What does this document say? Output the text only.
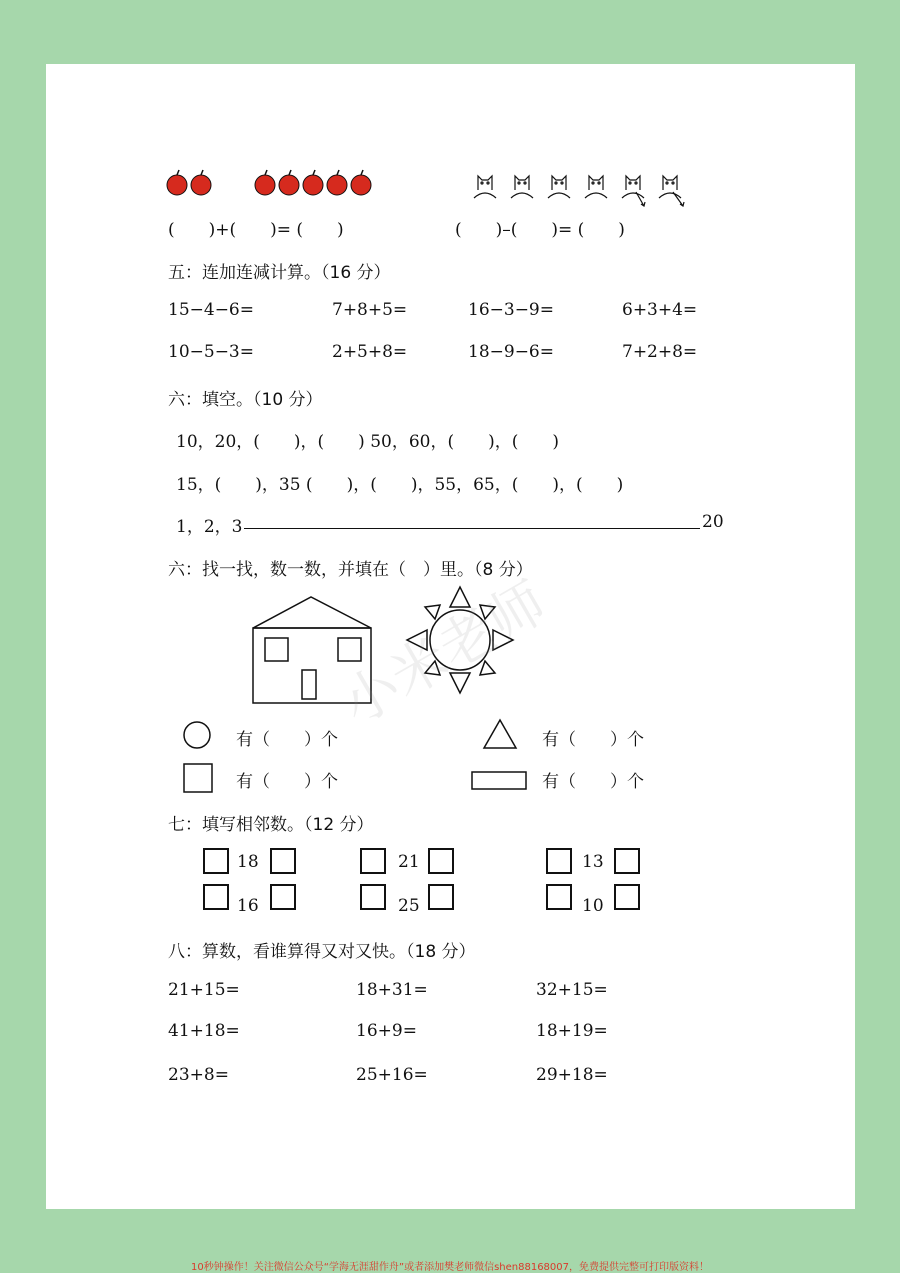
(　　)+(　　)= (　　)	(　　)–(　　)= (　　)
五：连加连减计算。（16 分）
15−4−6=	7+8+5=	16−3−9=	6+3+4=
10−5−3=	2+5+8=	18−9−6=	7+2+8=
六：填空。（10 分）
10，20，(　　)，(　　) 50，60，(　　)，(　　)
15，(　　)，35 (　　)，(　　)，55，65，(　　)，(　　)
1，2，3	20
六：找一找，数一数，并填在（　）里。（8 分）
有（　　）个	有（　　）个
有（　　）个	有（　　）个
七：填写相邻数。（12 分）
18	21	13
16	25	10
八：算数，看谁算得又对又快。（18 分）
21+15=	18+31=	32+15=
41+18=	16+9=	18+19=
23+8=	25+16=	29+18=
小米老师
10秒钟操作！关注微信公众号“学海无涯甜作舟”或者添加樊老师微信shen88168007，免费提供完整可打印版资料！
